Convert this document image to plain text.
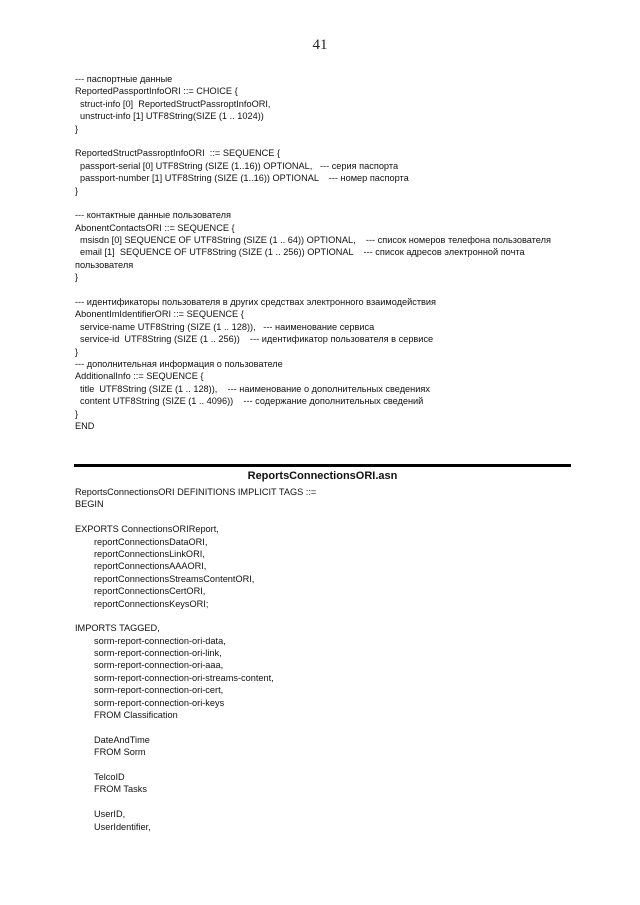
41
--- паспортные данные
ReportedPassportInfoORI ::= CHOICE {
struct-info [0]  ReportedStructPassroptInfoORI,
unstruct-info [1] UTF8String(SIZE (1 .. 1024))
}
ReportedStructPassroptInfoORI  ::= SEQUENCE {
passport-serial [0] UTF8String (SIZE (1..16)) OPTIONAL,   --- серия паспорта
passport-number [1] UTF8String (SIZE (1..16)) OPTIONAL    --- номер паспорта
}
--- контактные данные пользователя
AbonentContactsORI ::= SEQUENCE {
msisdn [0] SEQUENCE OF UTF8String (SIZE (1 .. 64)) OPTIONAL,    --- список номеров телефона пользователя
email [1]  SEQUENCE OF UTF8String (SIZE (1 .. 256)) OPTIONAL    --- список адресов электронной почта
пользователя
}
--- идентификаторы пользователя в других средствах электронного взаимодействия
AbonentImIdentifierORI ::= SEQUENCE {
service-name UTF8String (SIZE (1 .. 128)),   --- наименование сервиса
service-id  UTF8String (SIZE (1 .. 256))    --- идентификатор пользователя в сервисе
}
--- дополнительная информация о пользователе
AdditionalInfo ::= SEQUENCE {
title  UTF8String (SIZE (1 .. 128)),    --- наименование о дополнительных сведениях
content UTF8String (SIZE (1 .. 4096))    --- содержание дополнительных сведений
}
END
ReportsConnectionsORI.asn
ReportsConnectionsORI DEFINITIONS IMPLICIT TAGS ::=
BEGIN
EXPORTS ConnectionsORIReport,
reportConnectionsDataORI,
reportConnectionsLinkORI,
reportConnectionsAAAORI,
reportConnectionsStreamsContentORI,
reportConnectionsCertORI,
reportConnectionsKeysORI;
IMPORTS TAGGED,
sorm-report-connection-ori-data,
sorm-report-connection-ori-link,
sorm-report-connection-ori-aaa,
sorm-report-connection-ori-streams-content,
sorm-report-connection-ori-cert,
sorm-report-connection-ori-keys
FROM Classification
DateAndTime
FROM Sorm
TelcoID
FROM Tasks
UserID,
UserIdentifier,
